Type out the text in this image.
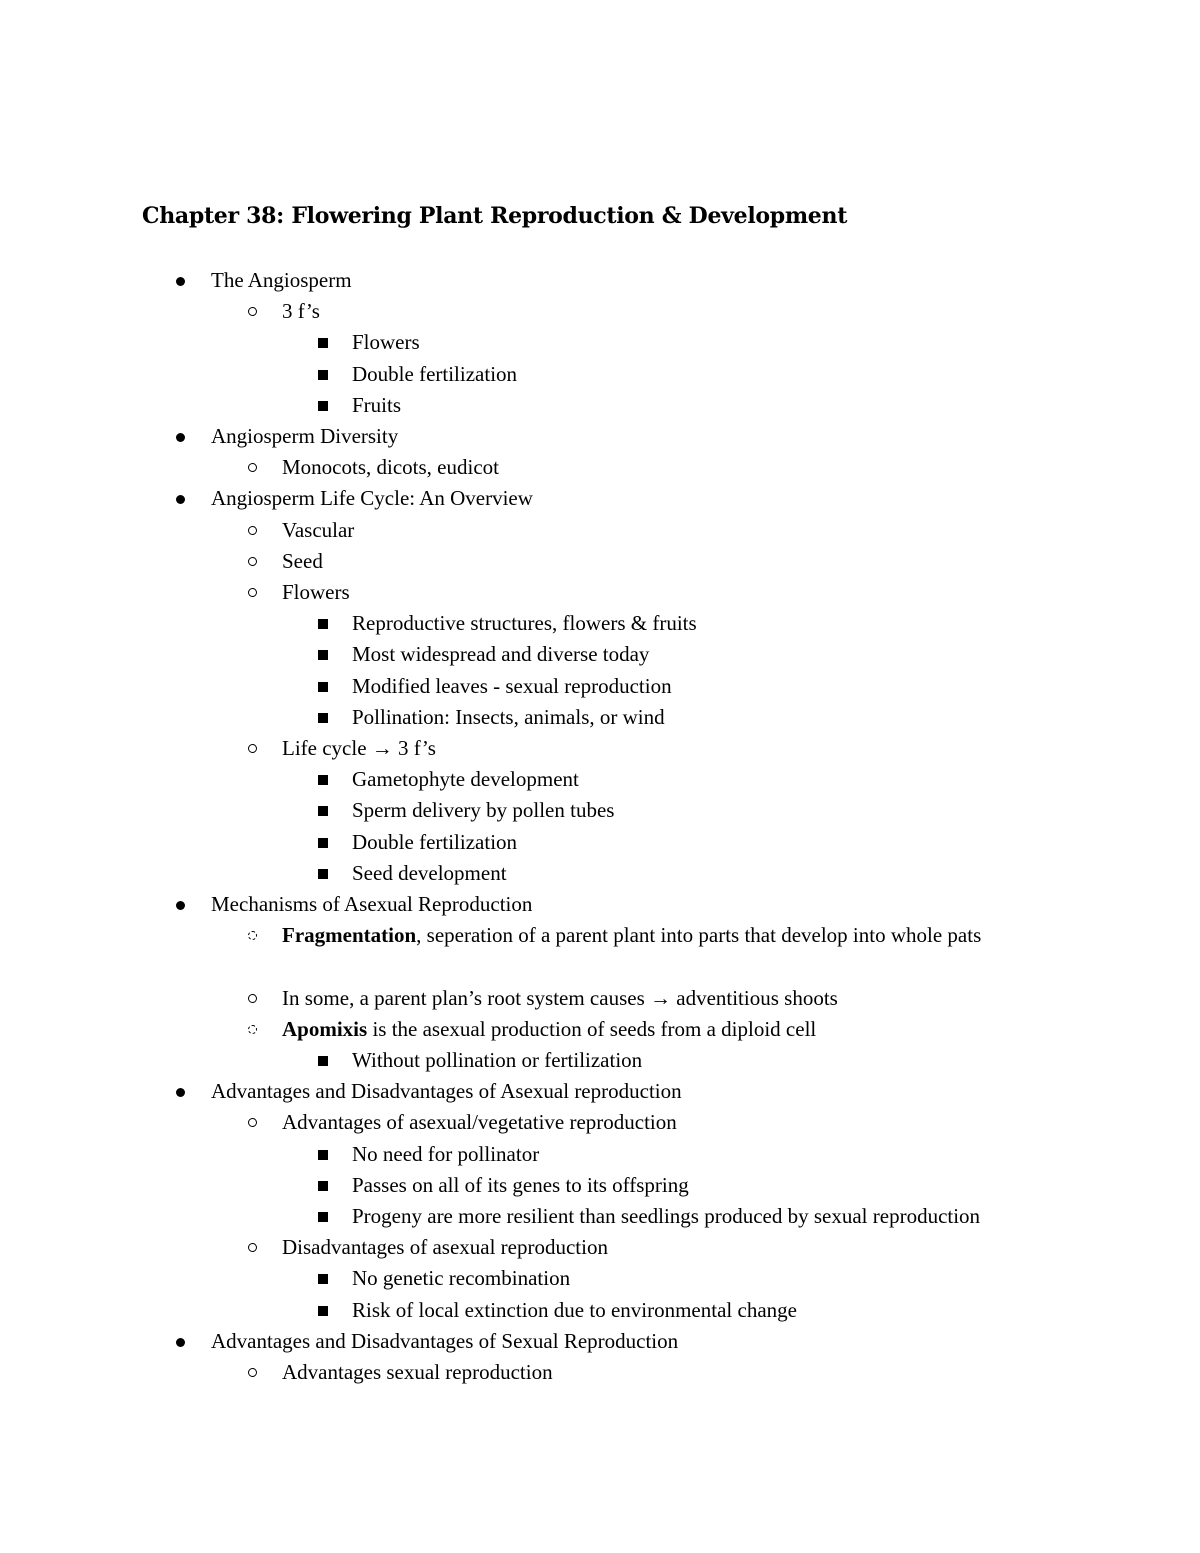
Chapter 38: Flowering Plant Reproduction & Development
The Angiosperm
3 f’s
Flowers
Double fertilization
Fruits
Angiosperm Diversity
Monocots, dicots, eudicot
Angiosperm Life Cycle: An Overview
Vascular
Seed
Flowers
Reproductive structures, flowers & fruits
Most widespread and diverse today
Modified leaves - sexual reproduction
Pollination: Insects, animals, or wind
Life cycle → 3 f’s
Gametophyte development
Sperm delivery by pollen tubes
Double fertilization
Seed development
Mechanisms of Asexual Reproduction
Fragmentation, seperation of a parent plant into parts that develop into whole pats
In some, a parent plan’s root system causes → adventitious shoots
Apomixis is the asexual production of seeds from a diploid cell
Without pollination or fertilization
Advantages and Disadvantages of Asexual reproduction
Advantages of asexual/vegetative reproduction
No need for pollinator
Passes on all of its genes to its offspring
Progeny are more resilient than seedlings produced by sexual reproduction
Disadvantages of asexual reproduction
No genetic recombination
Risk of local extinction due to environmental change
Advantages and Disadvantages of Sexual Reproduction
Advantages sexual reproduction
